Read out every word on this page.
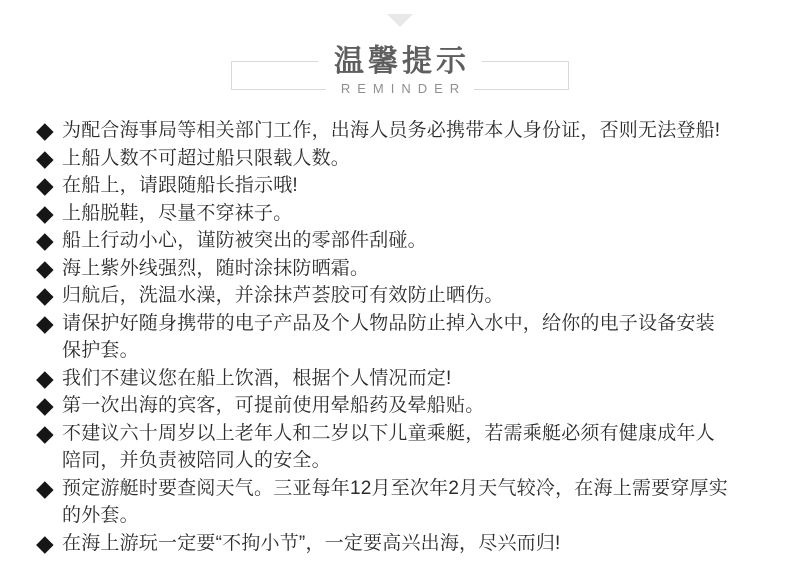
温馨提示
REMINDER
◆ 为配合海事局等相关部门工作，出海人员务必携带本人身份证，否则无法登船!
◆ 上船人数不可超过船只限载人数。
◆ 在船上，请跟随船长指示哦!
◆ 上船脱鞋，尽量不穿袜子。
◆ 船上行动小心，谨防被突出的零部件刮碰。
◆ 海上紫外线强烈，随时涂抹防晒霜。
◆ 归航后，洗温水澡，并涂抹芦荟胶可有效防止晒伤。
◆ 请保护好随身携带的电子产品及个人物品防止掉入水中，给你的电子设备安装保护套。
◆ 我们不建议您在船上饮酒，根据个人情况而定!
◆ 第一次出海的宾客，可提前使用晕船药及晕船贴。
◆ 不建议六十周岁以上老年人和二岁以下儿童乘艇，若需乘艇必须有健康成年人陪同，并负责被陪同人的安全。
◆ 预定游艇时要查阅天气。三亚每年12月至次年2月天气较冷，在海上需要穿厚实的外套。
◆ 在海上游玩一定要“不拘小节”，一定要高兴出海，尽兴而归!
